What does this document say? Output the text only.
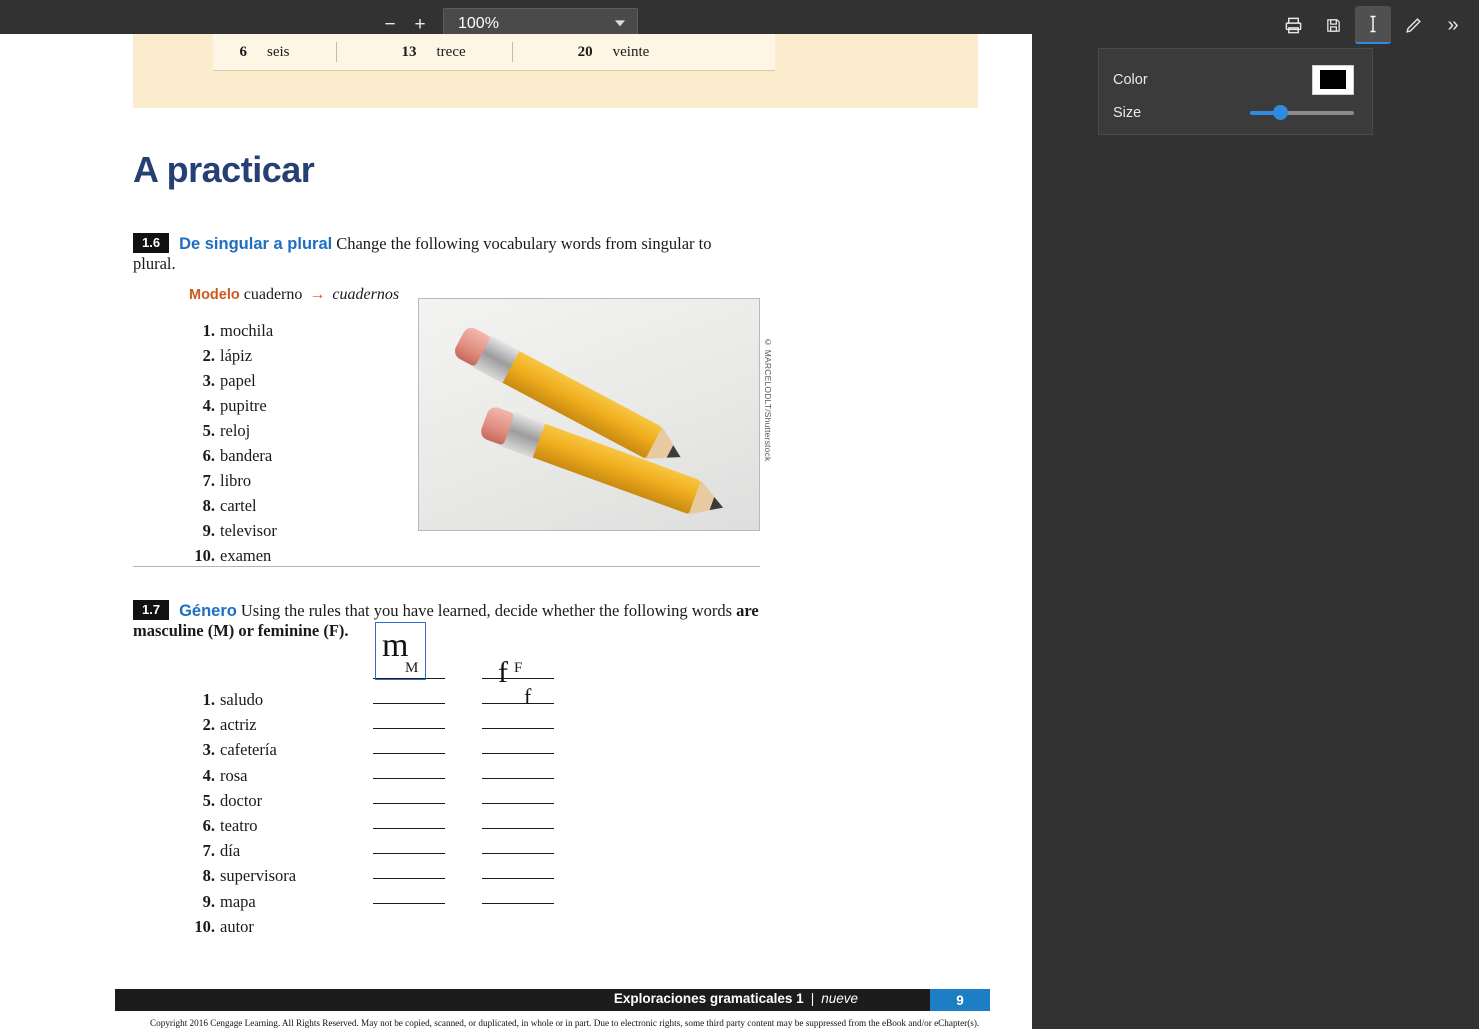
− +	100%	»
Color
Size
6 seis	13 trece	20 veinte
A practicar
1.6 De singular a plural Change the following vocabulary words from singular to plural.
Modelo cuaderno → cuadernos
1. mochila
2. lápiz
3. papel
4. pupitre
5. reloj
6. bandera
7. libro
8. cartel
9. televisor
10. examen
© MARCELODLT/Shutterstock
1.7 Género Using the rules that you have learned, decide whether the following words are masculine (M) or feminine (F).
M	F
1. saludo
2. actriz
3. cafetería
4. rosa
5. doctor
6. teatro
7. día
8. supervisora
9. mapa
10. autor
m
f
f
Exploraciones gramaticales 1 | nueve	9
Copyright 2016 Cengage Learning. All Rights Reserved. May not be copied, scanned, or duplicated, in whole or in part. Due to electronic rights, some third party content may be suppressed from the eBook and/or eChapter(s).
